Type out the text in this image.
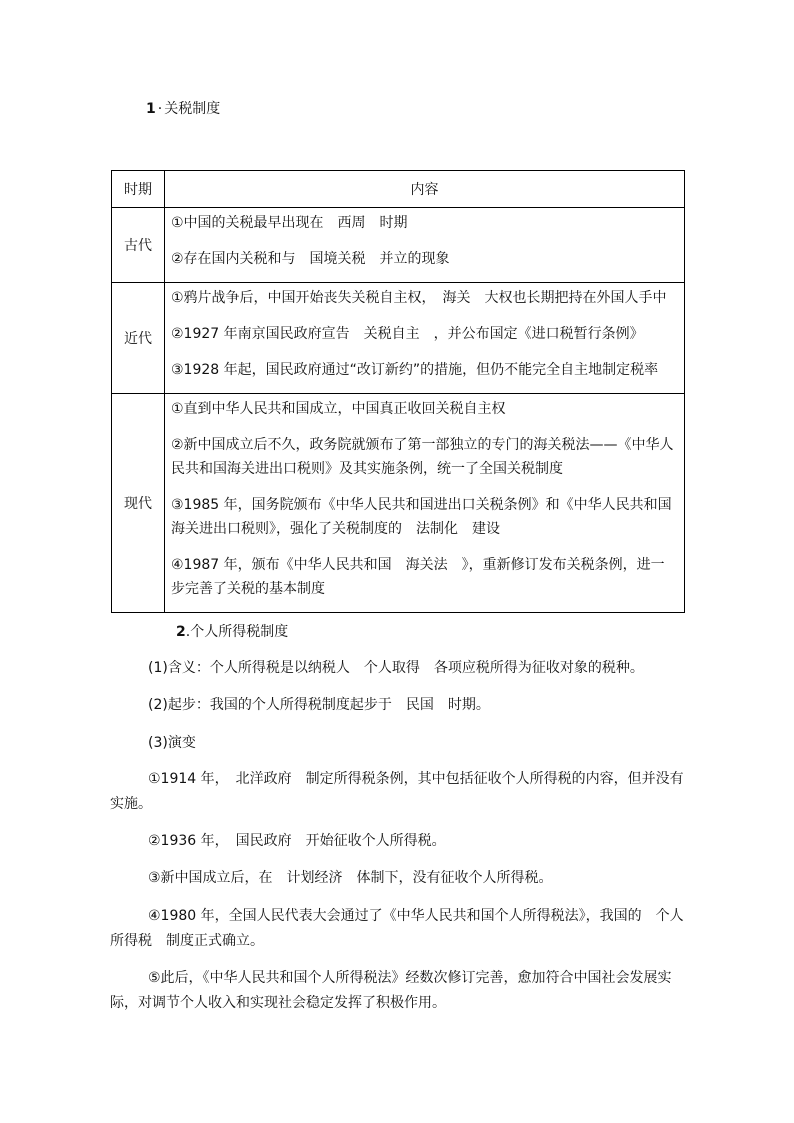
1 · 关税制度
时期	内容
古代	①中国的关税最早出现在　西周　时期
②存在国内关税和与　国境关税　并立的现象

近代	①鸦片战争后，中国开始丧失关税自主权，　海关　大权也长期把持在外国人手中
②1927 年南京国民政府宣告　关税自主　，并公布国定《进口税暂行条例》
③1928 年起，国民政府通过“改订新约”的措施，但仍不能完全自主地制定税率

现代	①直到中华人民共和国成立，中国真正收回关税自主权
②新中国成立后不久，政务院就颁布了第一部独立的专门的海关税法——《中华人民共和国海关进出口税则》及其实施条例，统一了全国关税制度
③1985 年，国务院颁布《中华人民共和国进出口关税条例》和《中华人民共和国海关进出口税则》，强化了关税制度的　法制化　建设
④1987 年，颁布《中华人民共和国　海关法　》，重新修订发布关税条例，进一步完善了关税的基本制度
2.个人所得税制度
(1)含义：个人所得税是以纳税人　个人取得　各项应税所得为征收对象的税种。
(2)起步：我国的个人所得税制度起步于　民国　时期。
(3)演变
①1914 年，　北洋政府　制定所得税条例，其中包括征收个人所得税的内容，但并没有实施。
②1936 年，　国民政府　开始征收个人所得税。
③新中国成立后，在　计划经济　体制下，没有征收个人所得税。
④1980 年，全国人民代表大会通过了《中华人民共和国个人所得税法》，我国的　个人所得税　制度正式确立。
⑤此后，《中华人民共和国个人所得税法》经数次修订完善，愈加符合中国社会发展实际，对调节个人收入和实现社会稳定发挥了积极作用。
